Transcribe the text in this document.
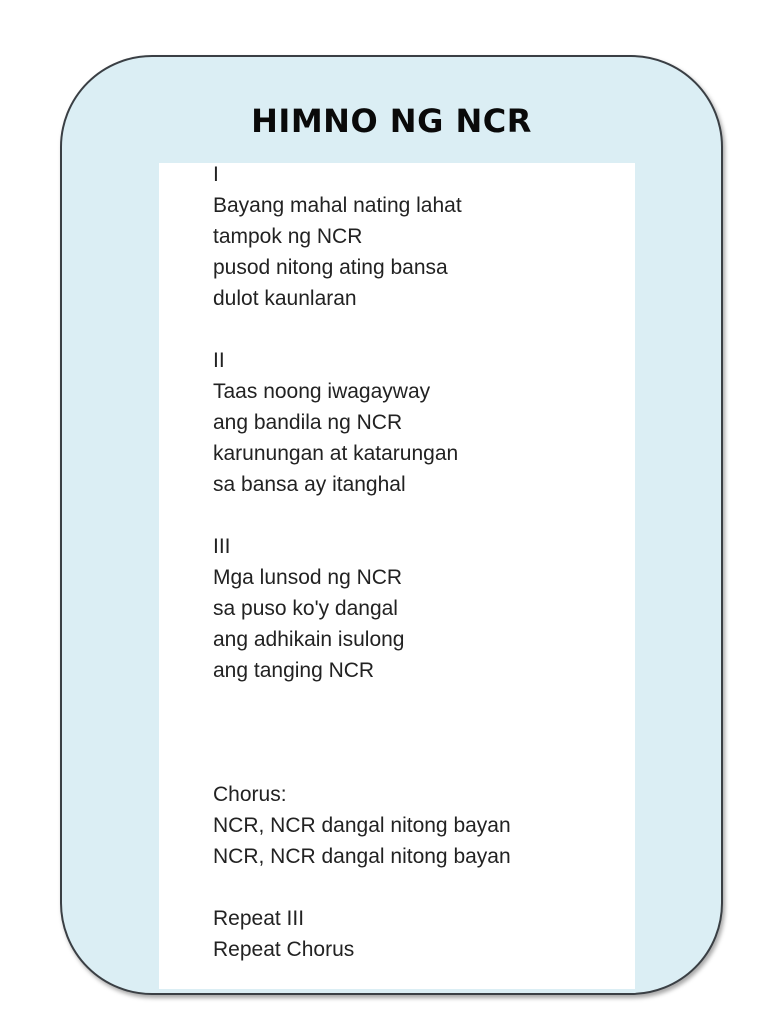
HIMNO NG NCR
I
Bayang mahal nating lahat
tampok ng NCR
pusod nitong ating bansa
dulot kaunlaran
II
Taas noong iwagayway
ang bandila ng NCR
karunungan at katarungan
sa bansa ay itanghal
III
Mga lunsod ng NCR
sa puso ko'y dangal
ang adhikain isulong
ang tanging NCR
Chorus:
NCR, NCR dangal nitong bayan
NCR, NCR dangal nitong bayan
Repeat III
Repeat Chorus
